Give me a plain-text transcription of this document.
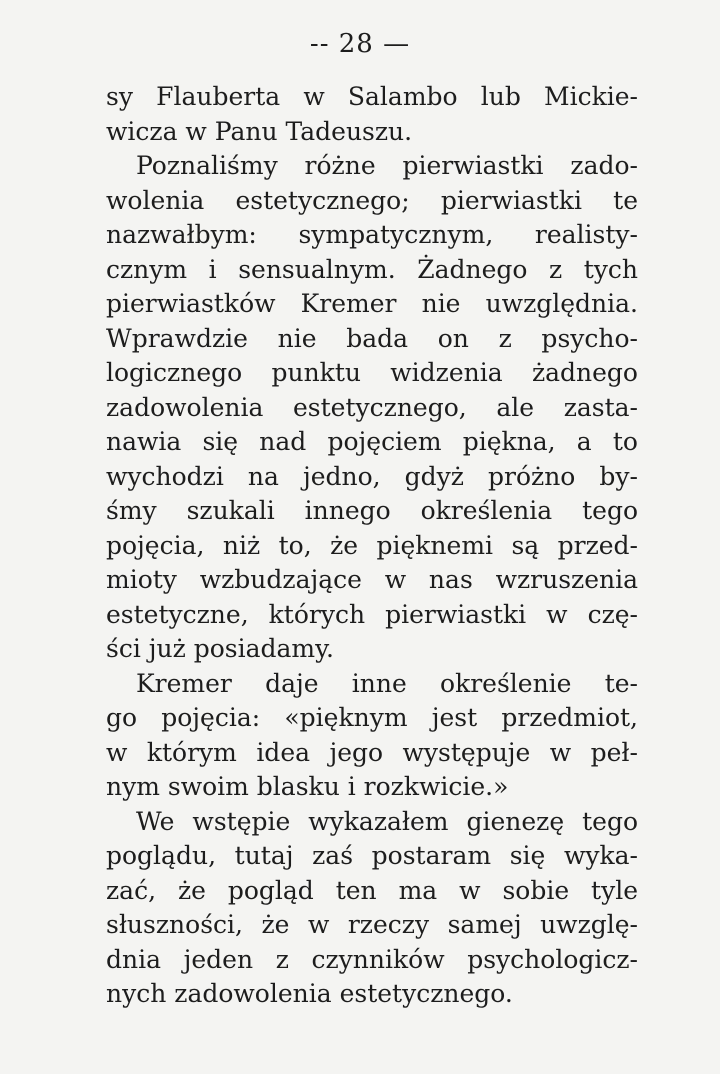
-- 28 —
sy Flauberta w Salambo lub Mickie-
wicza w Panu Tadeuszu.
Poznaliśmy różne pierwiastki zado-
wolenia estetycznego; pierwiastki te
nazwałbym: sympatycznym, realisty-
cznym i sensualnym. Żadnego z tych
pierwiastków Kremer nie uwzględnia.
Wprawdzie nie bada on z psycho-
logicznego punktu widzenia żadnego
zadowolenia estetycznego, ale zasta-
nawia się nad pojęciem piękna, a to
wychodzi na jedno, gdyż próżno by-
śmy szukali innego określenia tego
pojęcia, niż to, że pięknemi są przed-
mioty wzbudzające w nas wzruszenia
estetyczne, których pierwiastki w czę-
ści już posiadamy.
Kremer daje inne określenie te-
go pojęcia: «pięknym jest przedmiot,
w którym idea jego występuje w peł-
nym swoim blasku i rozkwicie.»
We wstępie wykazałem gienezę tego
poglądu, tutaj zaś postaram się wyka-
zać, że pogląd ten ma w sobie tyle
słuszności, że w rzeczy samej uwzglę-
dnia jeden z czynników psychologicz-
nych zadowolenia estetycznego.
